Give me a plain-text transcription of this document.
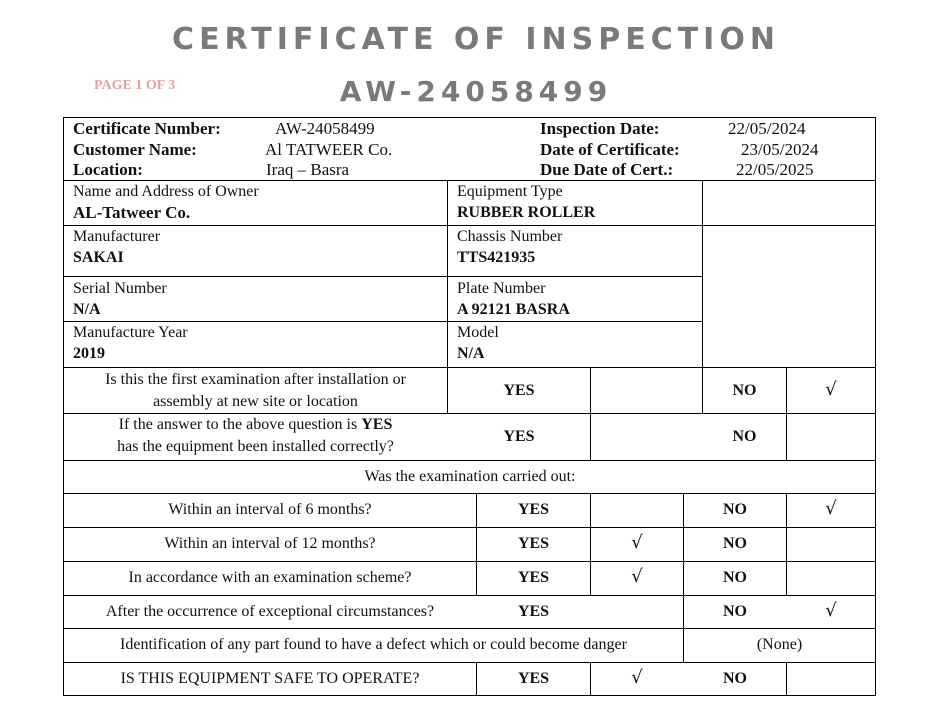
CERTIFICATE OF INSPECTION
PAGE 1 OF 3	AW-24058499
Certificate Number:	AW-24058499
Customer Name:	Al TATWEER Co.
Location:	Iraq – Basra
Inspection Date:	22/05/2024
Date of Certificate:	23/05/2024
Due Date of Cert.:	22/05/2025
Name and Address of Owner
AL-Tatweer Co.
Equipment Type
RUBBER ROLLER
Manufacturer
SAKAI
Chassis Number
TTS421935
Serial Number
N/A
Plate Number
A 92121 BASRA
Manufacture Year
2019
Model
N/A
Is this the first examination after installation or
assembly at new site or location
YES	NO	√
If the answer to the above question is YES
has the equipment been installed correctly?
YES	NO
Was the examination carried out:
Within an interval of 6 months?	YES	NO	√
Within an interval of 12 months?	YES	√	NO
In accordance with an examination scheme?	YES	√	NO
After the occurrence of exceptional circumstances?	YES	NO	√
Identification of any part found to have a defect which or could become danger	(None)
IS THIS EQUIPMENT SAFE TO OPERATE?	YES	√	NO
